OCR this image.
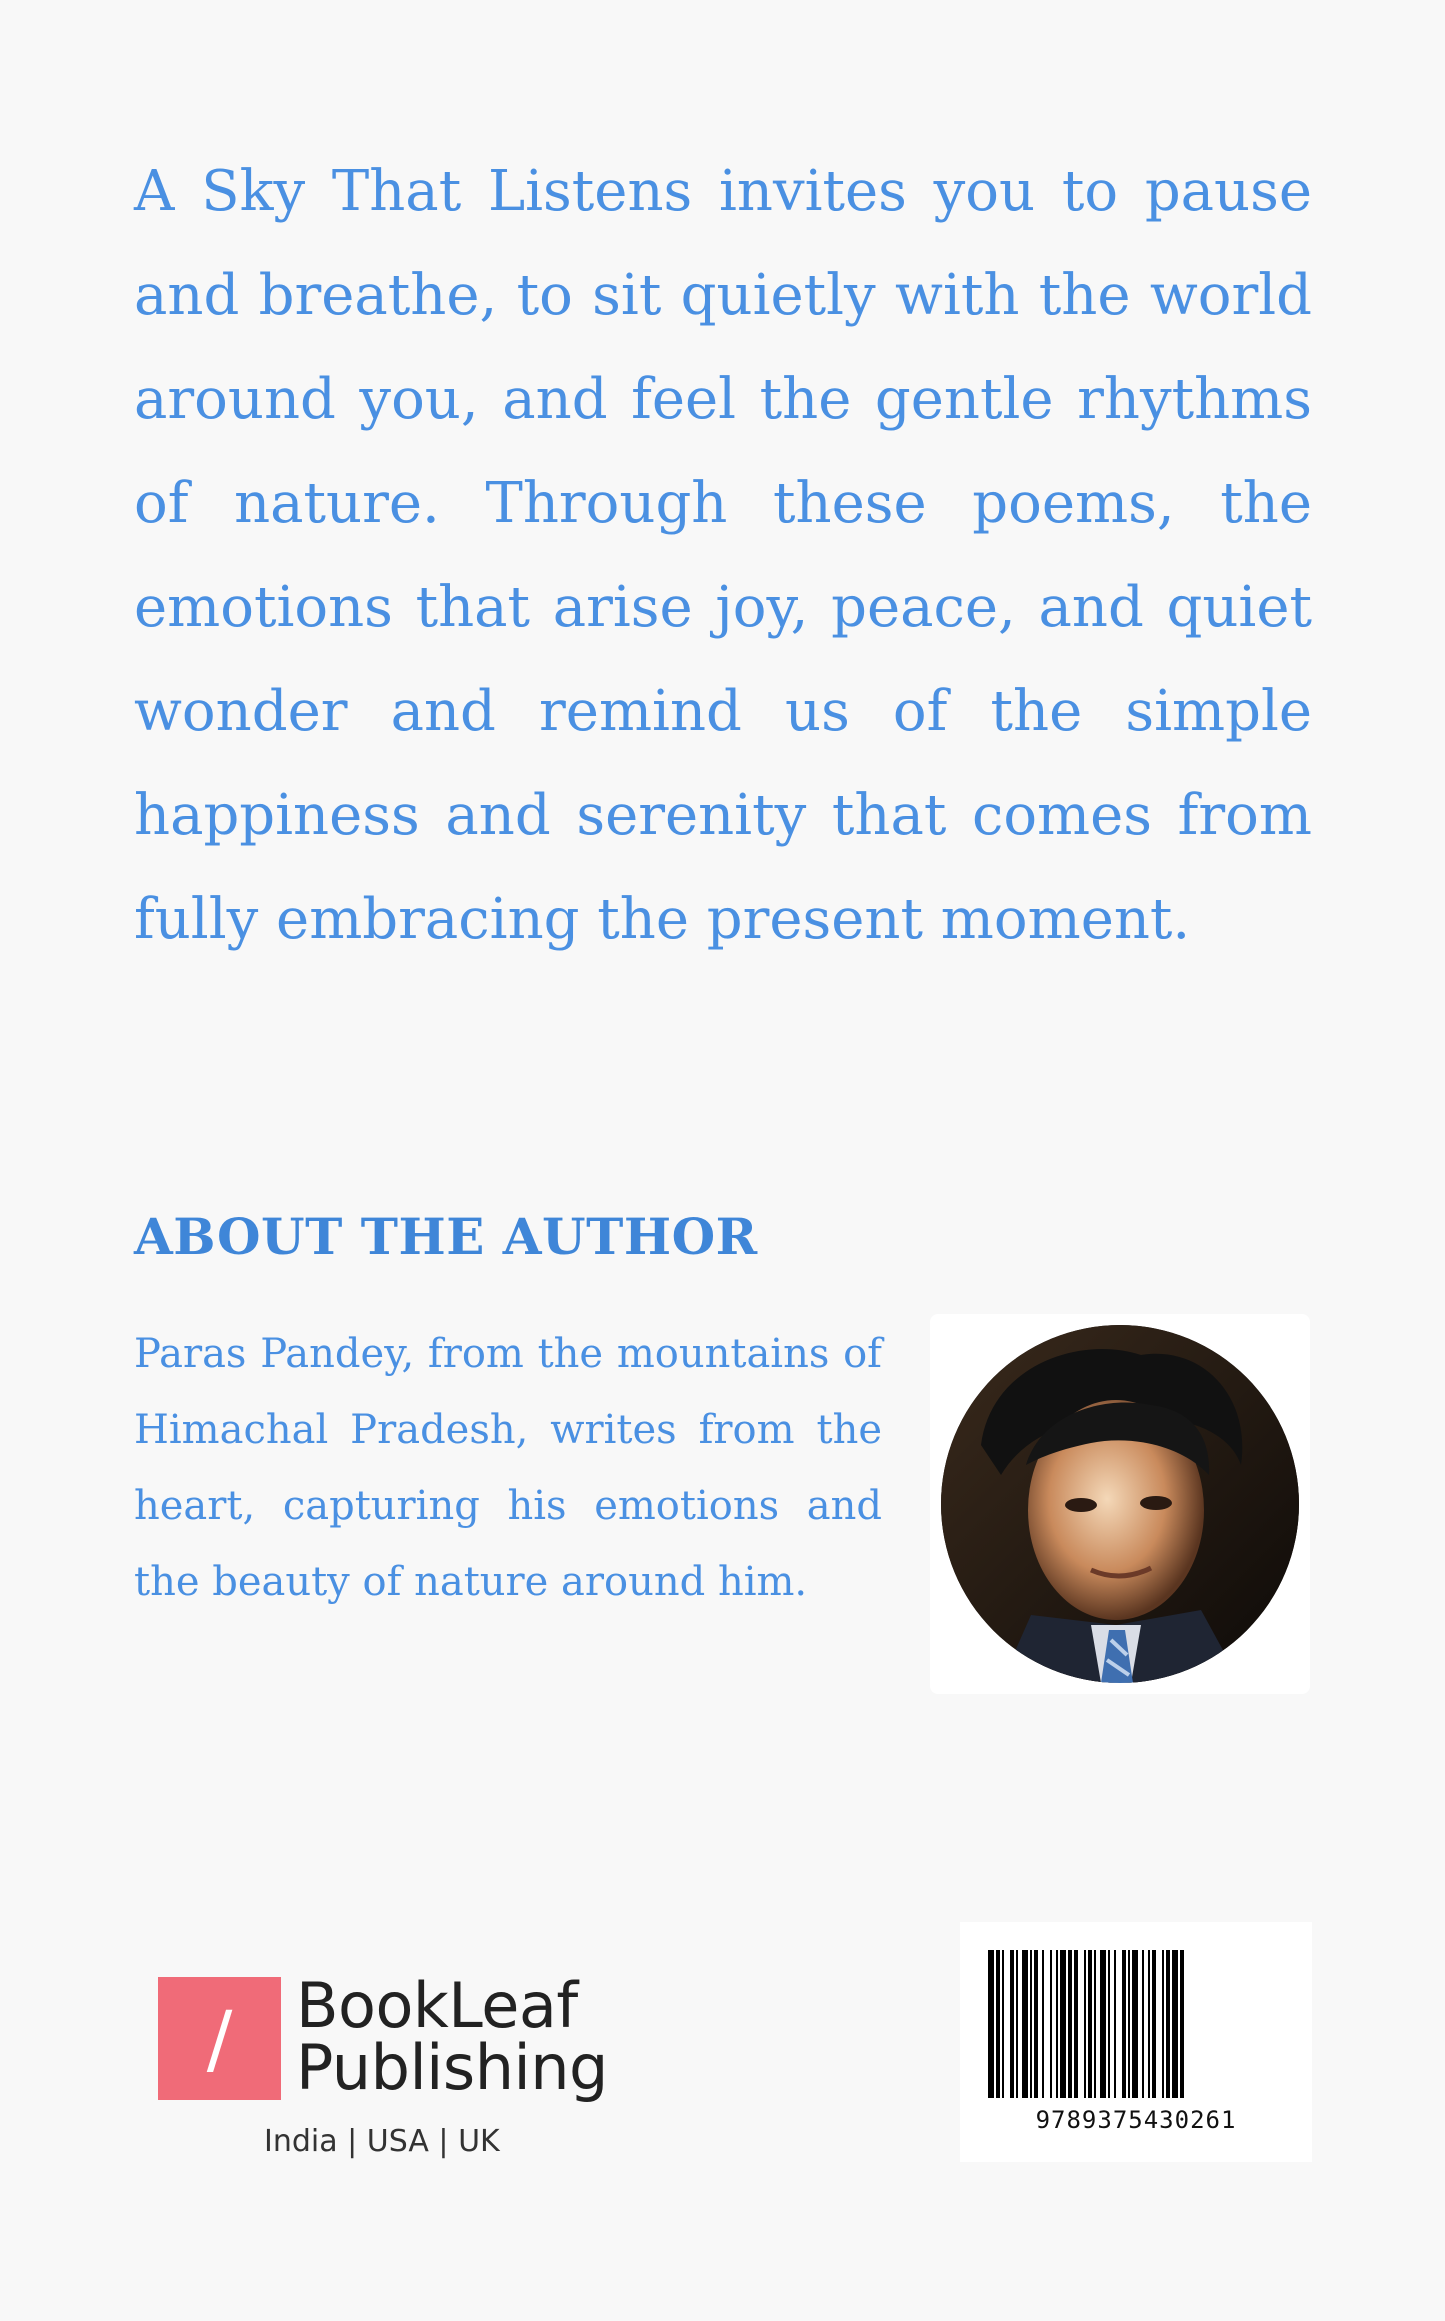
A Sky That Listens invites you to pause and breathe, to sit quietly with the world around you, and feel the gentle rhythms of nature. Through these poems, the emotions that arise joy, peace, and quiet wonder and remind us of the simple happiness and serenity that comes from fully embracing the present moment.

ABOUT THE AUTHOR

Paras Pandey, from the mountains of Himachal Pradesh, writes from the heart, capturing his emotions and the beauty of nature around him.

/	BookLeaf
Publishing
India | USA | UK
9789375430261
